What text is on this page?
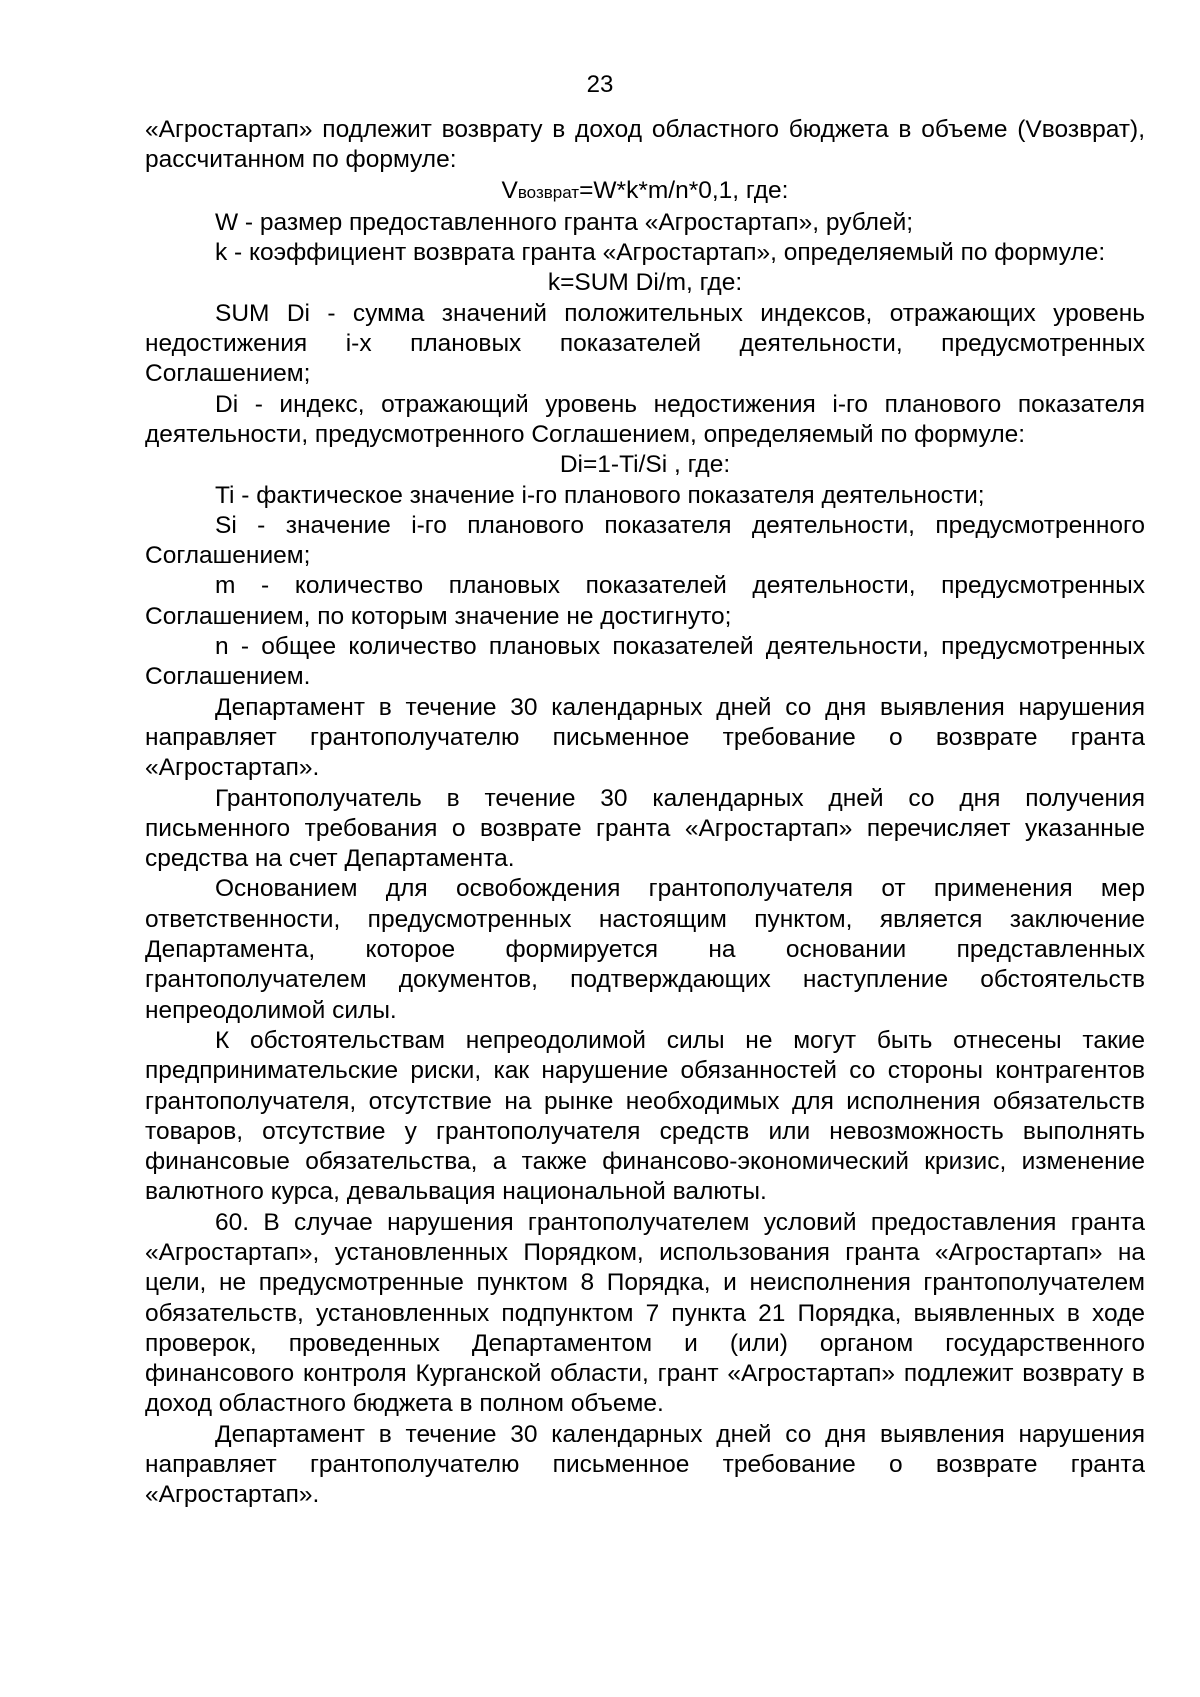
23

«Агростартап» подлежит возврату в доход областного бюджета в объеме (Vвозврат), рассчитанном по формуле:

Vвозврат=W*k*m/n*0,1, где:

W - размер предоставленного гранта «Агростартап», рублей;

k - коэффициент возврата гранта «Агростартап», определяемый по формуле:

k=SUM Di/m, где:

SUM Di - сумма значений положительных индексов, отражающих уровень недостижения i-х плановых показателей деятельности, предусмотренных Соглашением;

Di - индекс, отражающий уровень недостижения i-го планового показателя деятельности, предусмотренного Соглашением, определяемый по формуле:

Di=1-Ti/Si , где:

Ti - фактическое значение i-го планового показателя деятельности;

Si - значение i-го планового показателя деятельности, предусмотренного Соглашением;

m - количество плановых показателей деятельности, предусмотренных Соглашением, по которым значение не достигнуто;

n - общее количество плановых показателей деятельности, предусмотренных Соглашением.

Департамент в течение 30 календарных дней со дня выявления нарушения направляет грантополучателю письменное требование о возврате гранта «Агростартап».

Грантополучатель в течение 30 календарных дней со дня получения письменного требования о возврате гранта «Агростартап» перечисляет указанные средства на счет Департамента.

Основанием для освобождения грантополучателя от применения мер ответственности, предусмотренных настоящим пунктом, является заключение Департамента, которое формируется на основании представленных грантополучателем документов, подтверждающих наступление обстоятельств непреодолимой силы.

К обстоятельствам непреодолимой силы не могут быть отнесены такие предпринимательские риски, как нарушение обязанностей со стороны контрагентов грантополучателя, отсутствие на рынке необходимых для исполнения обязательств товаров, отсутствие у грантополучателя средств или невозможность выполнять финансовые обязательства, а также финансово-экономический кризис, изменение валютного курса, девальвация национальной валюты.

60. В случае нарушения грантополучателем условий предоставления гранта «Агростартап», установленных Порядком, использования гранта «Агростартап» на цели, не предусмотренные пунктом 8 Порядка, и неисполнения грантополучателем обязательств, установленных подпунктом 7 пункта 21 Порядка, выявленных в ходе проверок, проведенных Департаментом и (или) органом государственного финансового контроля Курганской области, грант «Агростартап» подлежит возврату в доход областного бюджета в полном объеме.

Департамент в течение 30 календарных дней со дня выявления нарушения направляет грантополучателю письменное требование о возврате гранта «Агростартап».
